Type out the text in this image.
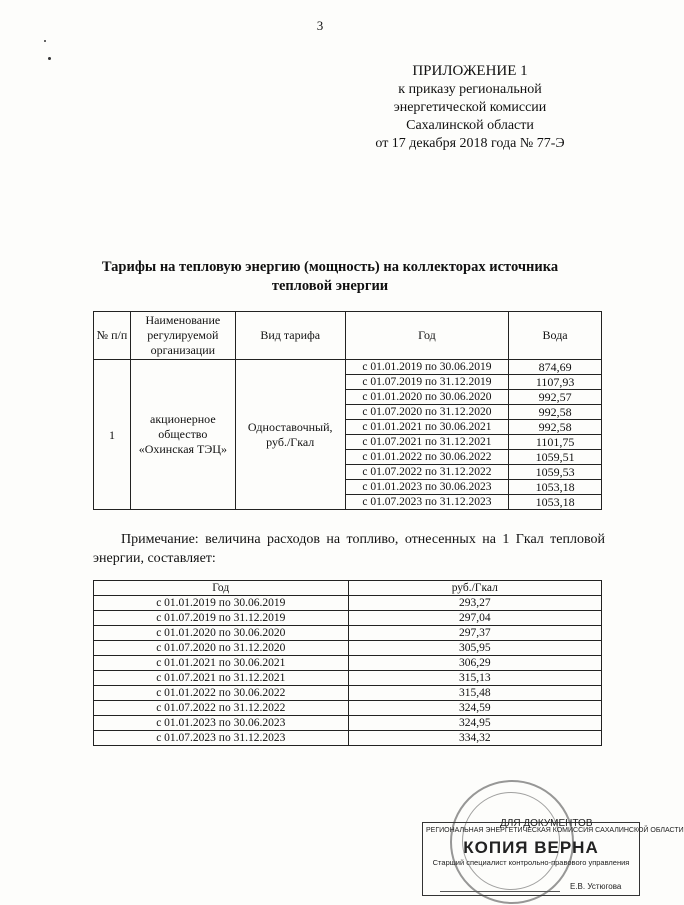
3
ПРИЛОЖЕНИЕ 1
к приказу региональной
энергетической комиссии
Сахалинской области
от 17 декабря 2018 года № 77-Э
Тарифы на тепловую энергию (мощность) на коллекторах источника тепловой энергии
№ п/п	Наименование регулируемой организации	Вид тарифа	Год	Вода
1	акционерное общество «Охинская ТЭЦ»	Одноставочный, руб./Гкал	с 01.01.2019 по 30.06.2019	874,69
			с 01.07.2019 по 31.12.2019	1107,93
			с 01.01.2020 по 30.06.2020	992,57
			с 01.07.2020 по 31.12.2020	992,58
			с 01.01.2021 по 30.06.2021	992,58
			с 01.07.2021 по 31.12.2021	1101,75
			с 01.01.2022 по 30.06.2022	1059,51
			с 01.07.2022 по 31.12.2022	1059,53
			с 01.01.2023 по 30.06.2023	1053,18
			с 01.07.2023 по 31.12.2023	1053,18
Примечание: величина расходов на топливо, отнесенных на 1 Гкал тепловой энергии, составляет:
Год	руб./Гкал
с 01.01.2019 по 30.06.2019	293,27
с 01.07.2019 по 31.12.2019	297,04
с 01.01.2020 по 30.06.2020	297,37
с 01.07.2020 по 31.12.2020	305,95
с 01.01.2021 по 30.06.2021	306,29
с 01.07.2021 по 31.12.2021	315,13
с 01.01.2022 по 30.06.2022	315,48
с 01.07.2022 по 31.12.2022	324,59
с 01.01.2023 по 30.06.2023	324,95
с 01.07.2023 по 31.12.2023	334,32
ДЛЯ ДОКУМЕНТОВ
РЕГИОНАЛЬНАЯ ЭНЕРГЕТИЧЕСКАЯ КОМИССИЯ САХАЛИНСКОЙ ОБЛАСТИ
КОПИЯ ВЕРНА
Старший специалист контрольно-правового управления
Е.В. Устюгова
